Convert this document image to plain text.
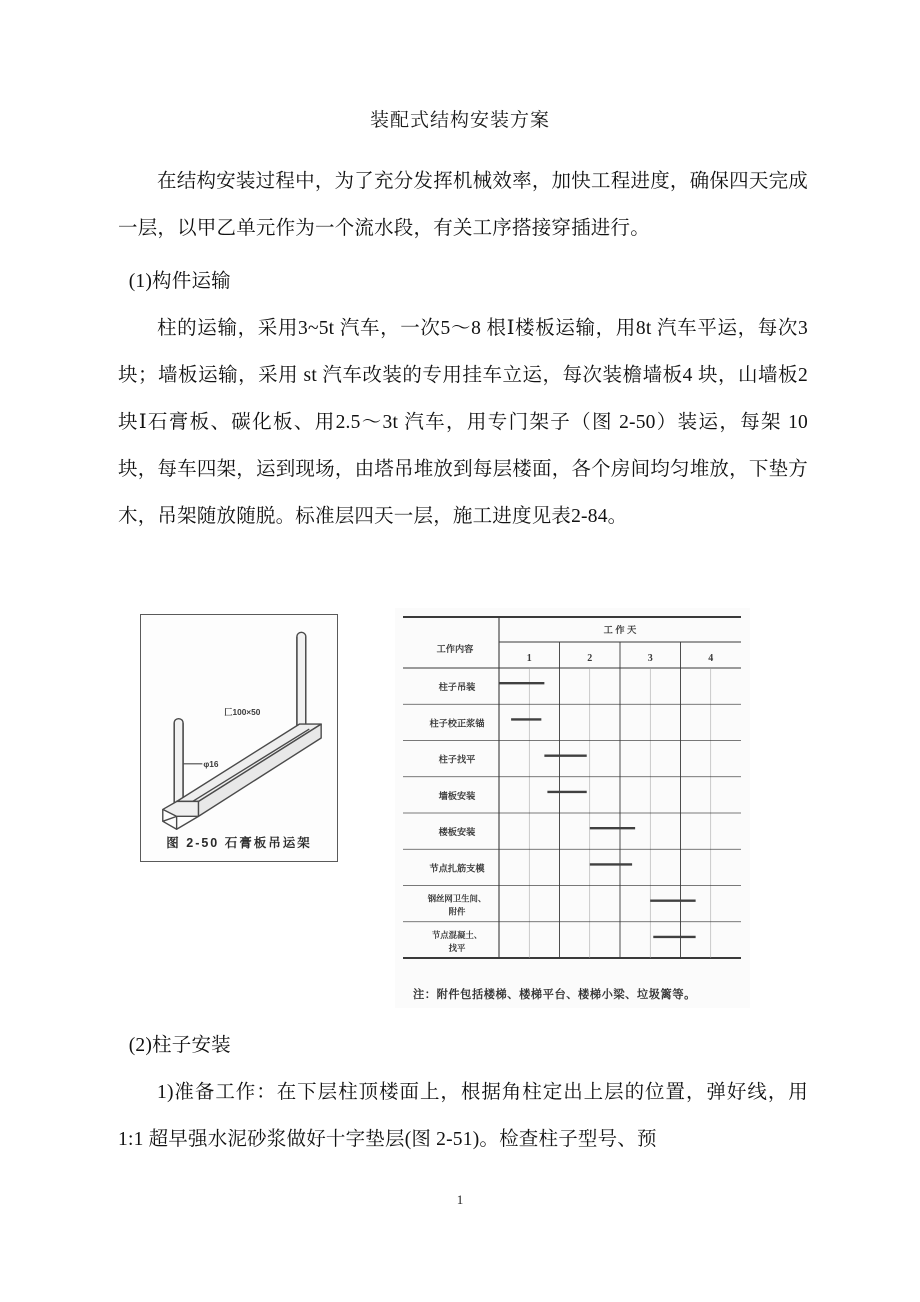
装配式结构安装方案

在结构安装过程中，为了充分发挥机械效率，加快工程进度，确保四天完成一层，以甲乙单元作为一个流水段，有关工序搭接穿插进行。

(1)构件运输

柱的运输，采用3~5t 汽车，一次5～8 根Ⅰ楼板运输，用8t 汽车平运，每次3 块；墙板运输，采用 st 汽车改装的专用挂车立运，每次装檐墙板4 块，山墙板2 块Ⅰ石膏板、碳化板、用2.5～3t 汽车，用专门架子（图 2-50）装运，每架 10 块，每车四架，运到现场，由塔吊堆放到每层楼面，各个房间均匀堆放，下垫方木，吊架随放随脱。标准层四天一层，施工进度见表2-84。

φ16
匚100×50
图 2-50 石膏板吊运架
工作内容
工 作 天
1	2	3	4
柱子吊装
柱子校正浆锚
柱子找平
墙板安装
楼板安装
节点扎筋支模
钢丝网卫生间、
附件
节点混凝土、
找平
注：附件包括楼梯、楼梯平台、楼梯小梁、垃圾篱等。

(2)柱子安装

1)准备工作：在下层柱顶楼面上，根据角柱定出上层的位置，弹好线，用1:1 超早强水泥砂浆做好十字垫层(图 2-51)。检查柱子型号、预

1
